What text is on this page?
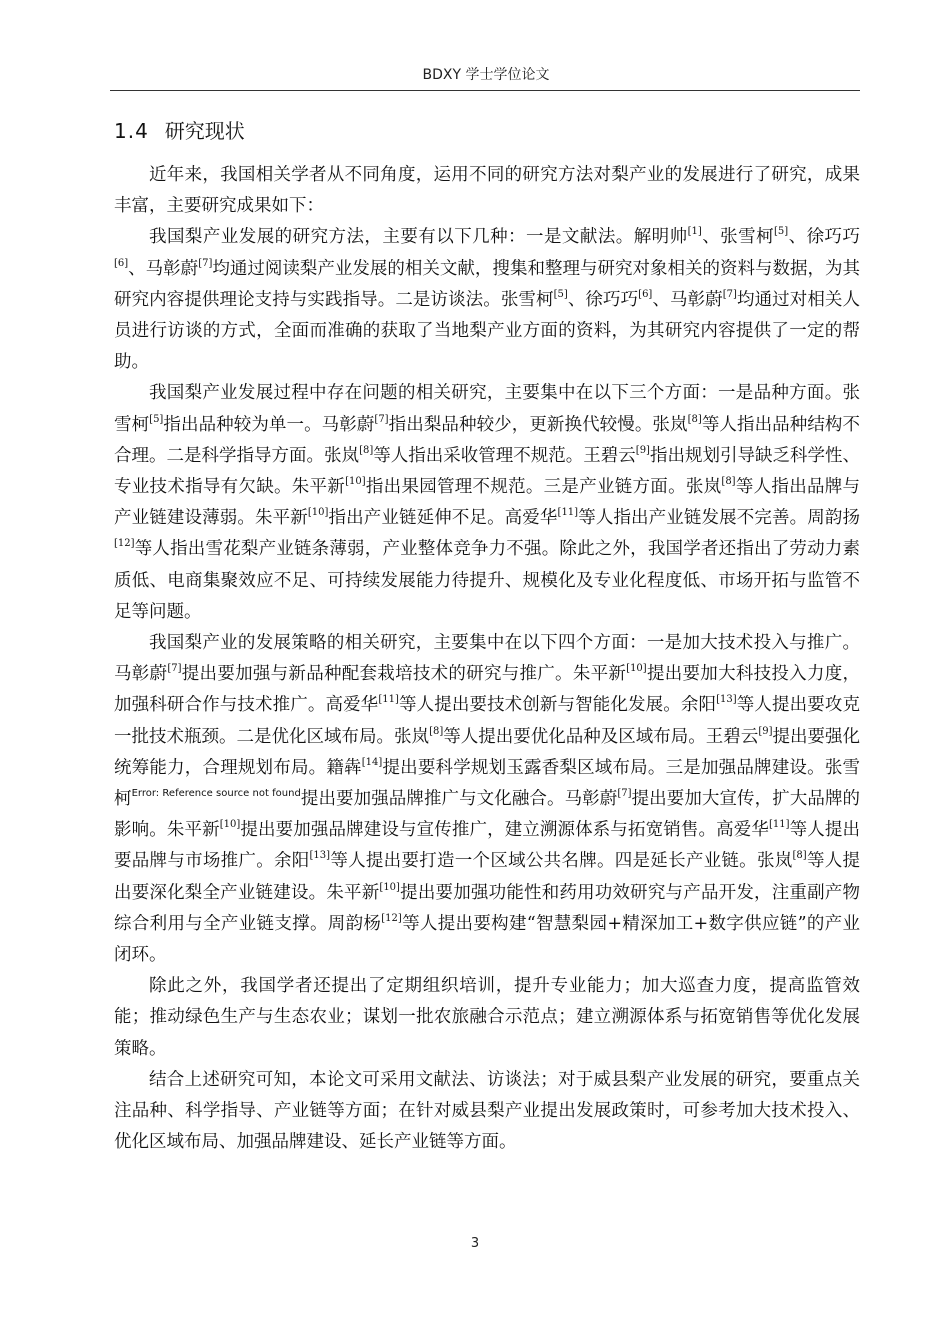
BDXY 学士学位论文
1.4 研究现状

近年来，我国相关学者从不同角度，运用不同的研究方法对梨产业的发展进行了研究，成果丰富，主要研究成果如下：

我国梨产业发展的研究方法，主要有以下几种：一是文献法。解明帅[1]、张雪柯[5]、徐巧巧[6]、马彰蔚[7]均通过阅读梨产业发展的相关文献，搜集和整理与研究对象相关的资料与数据，为其研究内容提供理论支持与实践指导。二是访谈法。张雪柯[5]、徐巧巧[6]、马彰蔚[7]均通过对相关人员进行访谈的方式，全面而准确的获取了当地梨产业方面的资料，为其研究内容提供了一定的帮助。

我国梨产业发展过程中存在问题的相关研究，主要集中在以下三个方面：一是品种方面。张雪柯[5]指出品种较为单一。马彰蔚[7]指出梨品种较少，更新换代较慢。张岚[8]等人指出品种结构不合理。二是科学指导方面。张岚[8]等人指出采收管理不规范。王碧云[9]指出规划引导缺乏科学性、专业技术指导有欠缺。朱平新[10]指出果园管理不规范。三是产业链方面。张岚[8]等人指出品牌与产业链建设薄弱。朱平新[10]指出产业链延伸不足。高爱华[11]等人指出产业链发展不完善。周韵扬[12]等人指出雪花梨产业链条薄弱，产业整体竞争力不强。除此之外，我国学者还指出了劳动力素质低、电商集聚效应不足、可持续发展能力待提升、规模化及专业化程度低、市场开拓与监管不足等问题。

我国梨产业的发展策略的相关研究，主要集中在以下四个方面：一是加大技术投入与推广。马彰蔚[7]提出要加强与新品种配套栽培技术的研究与推广。朱平新[10]提出要加大科技投入力度，加强科研合作与技术推广。高爱华[11]等人提出要技术创新与智能化发展。余阳[13]等人提出要攻克一批技术瓶颈。二是优化区域布局。张岚[8]等人提出要优化品种及区域布局。王碧云[9]提出要强化统筹能力，合理规划布局。籍犇[14]提出要科学规划玉露香梨区域布局。三是加强品牌建设。张雪柯$^{Error: Reference source not found}$提出要加强品牌推广与文化融合。马彰蔚[7]提出要加大宣传，扩大品牌的影响。朱平新[10]提出要加强品牌建设与宣传推广，建立溯源体系与拓宽销售。高爱华[11]等人提出要品牌与市场推广。余阳[13]等人提出要打造一个区域公共名牌。四是延长产业链。张岚[8]等人提出要深化梨全产业链建设。朱平新[10]提出要加强功能性和药用功效研究与产品开发，注重副产物综合利用与全产业链支撑。周韵杨[12]等人提出要构建“智慧梨园+精深加工+数字供应链”的产业闭环。

除此之外，我国学者还提出了定期组织培训，提升专业能力；加大巡查力度，提高监管效能；推动绿色生产与生态农业；谋划一批农旅融合示范点；建立溯源体系与拓宽销售等优化发展策略。

结合上述研究可知，本论文可采用文献法、访谈法；对于威县梨产业发展的研究，要重点关注品种、科学指导、产业链等方面；在针对威县梨产业提出发展政策时，可参考加大技术投入、优化区域布局、加强品牌建设、延长产业链等方面。

3
